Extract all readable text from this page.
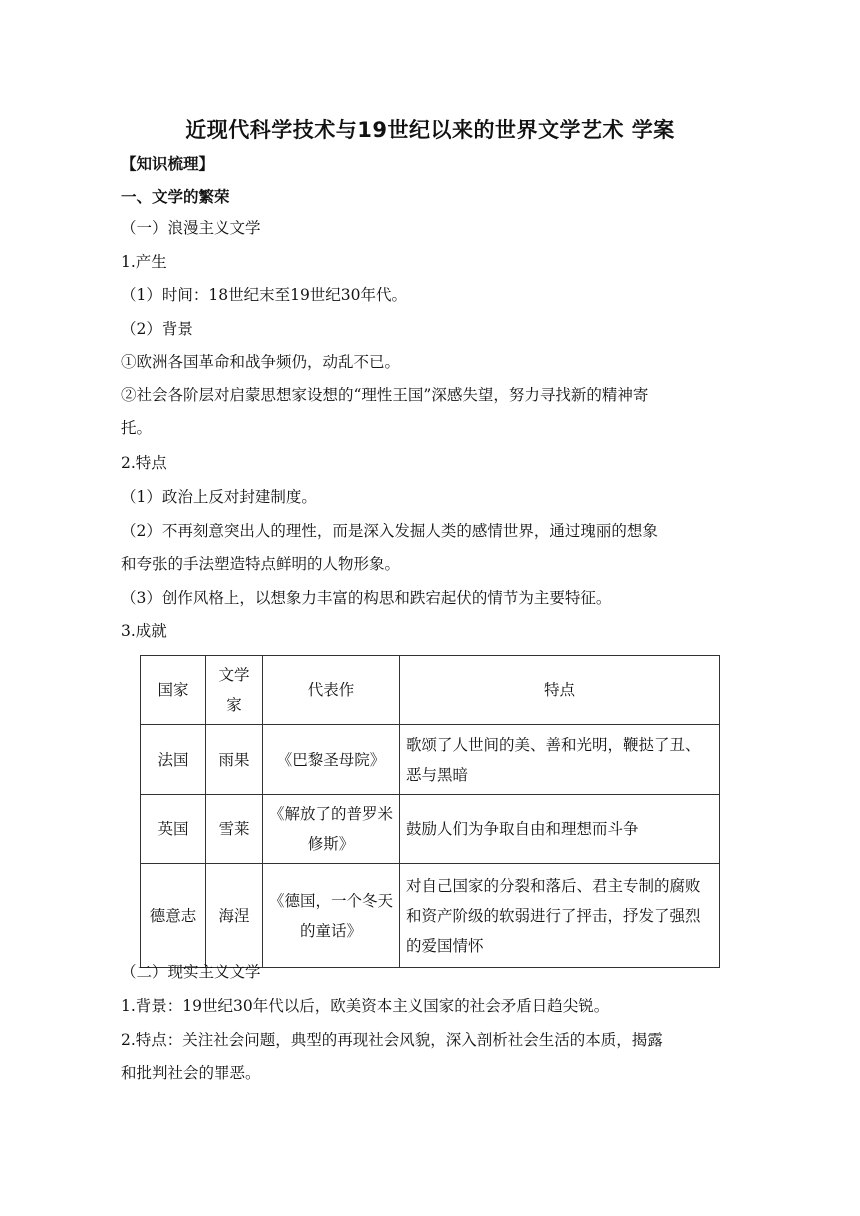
近现代科学技术与19世纪以来的世界文学艺术 学案
【知识梳理】
一、文学的繁荣
（一）浪漫主义文学
1.产生
（1）时间：18世纪末至19世纪30年代。
（2）背景
①欧洲各国革命和战争频仍，动乱不已。
②社会各阶层对启蒙思想家设想的“理性王国”深感失望，努力寻找新的精神寄
托。
2.特点
（1）政治上反对封建制度。
（2）不再刻意突出人的理性，而是深入发掘人类的感情世界，通过瑰丽的想象
和夸张的手法塑造特点鲜明的人物形象。
（3）创作风格上，以想象力丰富的构思和跌宕起伏的情节为主要特征。
3.成就
国家	文学家	代表作	特点
法国	雨果	《巴黎圣母院》	歌颂了人世间的美、善和光明，鞭挞了丑、恶与黑暗
英国	雪莱	《解放了的普罗米修斯》	鼓励人们为争取自由和理想而斗争
德意志	海涅	《德国，一个冬天的童话》	对自己国家的分裂和落后、君主专制的腐败和资产阶级的软弱进行了抨击，抒发了强烈的爱国情怀
（二）现实主义文学
1.背景：19世纪30年代以后，欧美资本主义国家的社会矛盾日趋尖锐。
2.特点：关注社会问题，典型的再现社会风貌，深入剖析社会生活的本质，揭露
和批判社会的罪恶。
